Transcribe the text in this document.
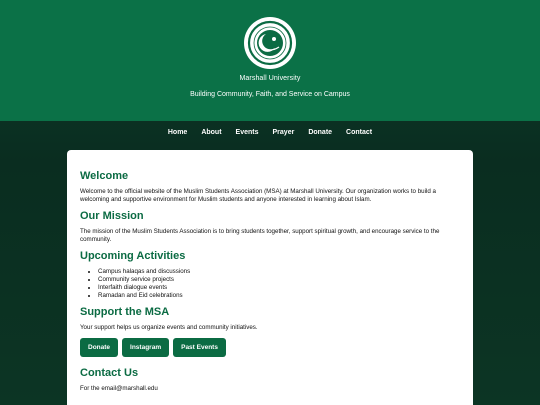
Marshall University
Building Community, Faith, and Service on Campus
Home	About	Events	Prayer	Donate	Contact
Welcome

Welcome to the official website of the Muslim Students Association (MSA) at Marshall University. Our organization works to build a welcoming and supportive environment for Muslim students and anyone interested in learning about Islam.

Our Mission

The mission of the Muslim Students Association is to bring students together, support spiritual growth, and encourage service to the community.

Upcoming Activities
• Campus halaqas and discussions
• Community service projects
• Interfaith dialogue events
• Ramadan and Eid celebrations
Support the MSA

Your support helps us organize events and community initiatives.

Donate	Instagram	Past Events
Contact Us

For the email@marshall.edu
